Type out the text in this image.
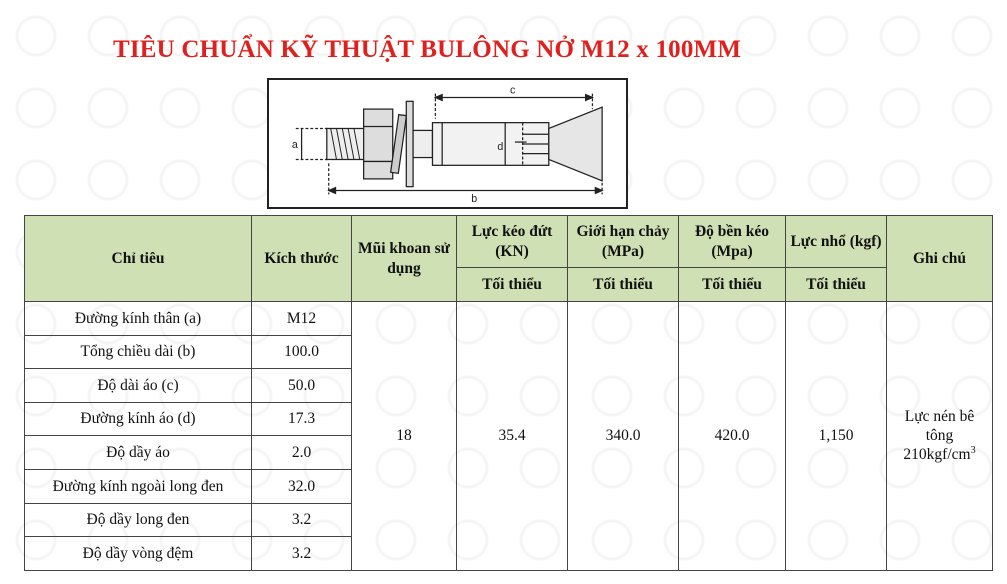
TIÊU CHUẨN KỸ THUẬT BULÔNG NỞ M12 x 100MM
a
c
d
b
Chỉ tiêu	Kích thước	Mũi khoan sử dụng	Lực kéo đứt (KN)	Giới hạn chảy (MPa)	Độ bền kéo (Mpa)	Lực nhổ (kgf)	Ghi chú
			Tối thiểu	Tối thiểu	Tối thiểu	Tối thiểu	
Đường kính thân (a)	M12	18	35.4	340.0	420.0	1,150	Lực nén bê tông
$210kgf/cm^3$
Tổng chiều dài (b)	100.0						
Độ dài áo (c)	50.0						
Đường kính áo (d)	17.3						
Độ dầy áo	2.0						
Đường kính ngoài long đen	32.0						
Độ dầy long đen	3.2						
Độ dầy vòng đệm	3.2						
